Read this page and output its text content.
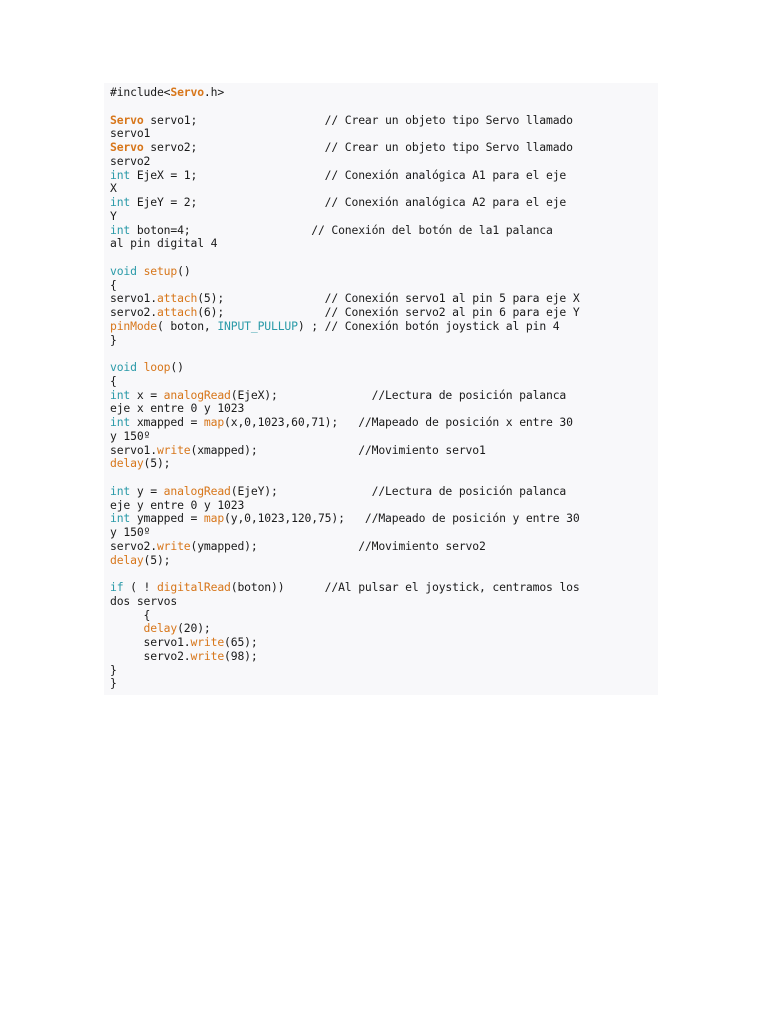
#include<Servo.h>

Servo servo1;                   // Crear un objeto tipo Servo llamado
servo1
Servo servo2;                   // Crear un objeto tipo Servo llamado
servo2
int EjeX = 1;                   // Conexión analógica A1 para el eje
X
int EjeY = 2;                   // Conexión analógica A2 para el eje
Y
int boton=4;                  // Conexión del botón de la1 palanca
al pin digital 4

void setup()
{
servo1.attach(5);               // Conexión servo1 al pin 5 para eje X
servo2.attach(6);               // Conexión servo2 al pin 6 para eje Y
pinMode( boton, INPUT_PULLUP) ; // Conexión botón joystick al pin 4
}

void loop()
{
int x = analogRead(EjeX);              //Lectura de posición palanca
eje x entre 0 y 1023
int xmapped = map(x,0,1023,60,71);   //Mapeado de posición x entre 30
y 150º
servo1.write(xmapped);               //Movimiento servo1
delay(5);

int y = analogRead(EjeY);              //Lectura de posición palanca
eje y entre 0 y 1023
int ymapped = map(y,0,1023,120,75);   //Mapeado de posición y entre 30
y 150º
servo2.write(ymapped);               //Movimiento servo2
delay(5);

if ( ! digitalRead(boton))      //Al pulsar el joystick, centramos los
dos servos
{
delay(20);
servo1.write(65);
servo2.write(98);
}
}
